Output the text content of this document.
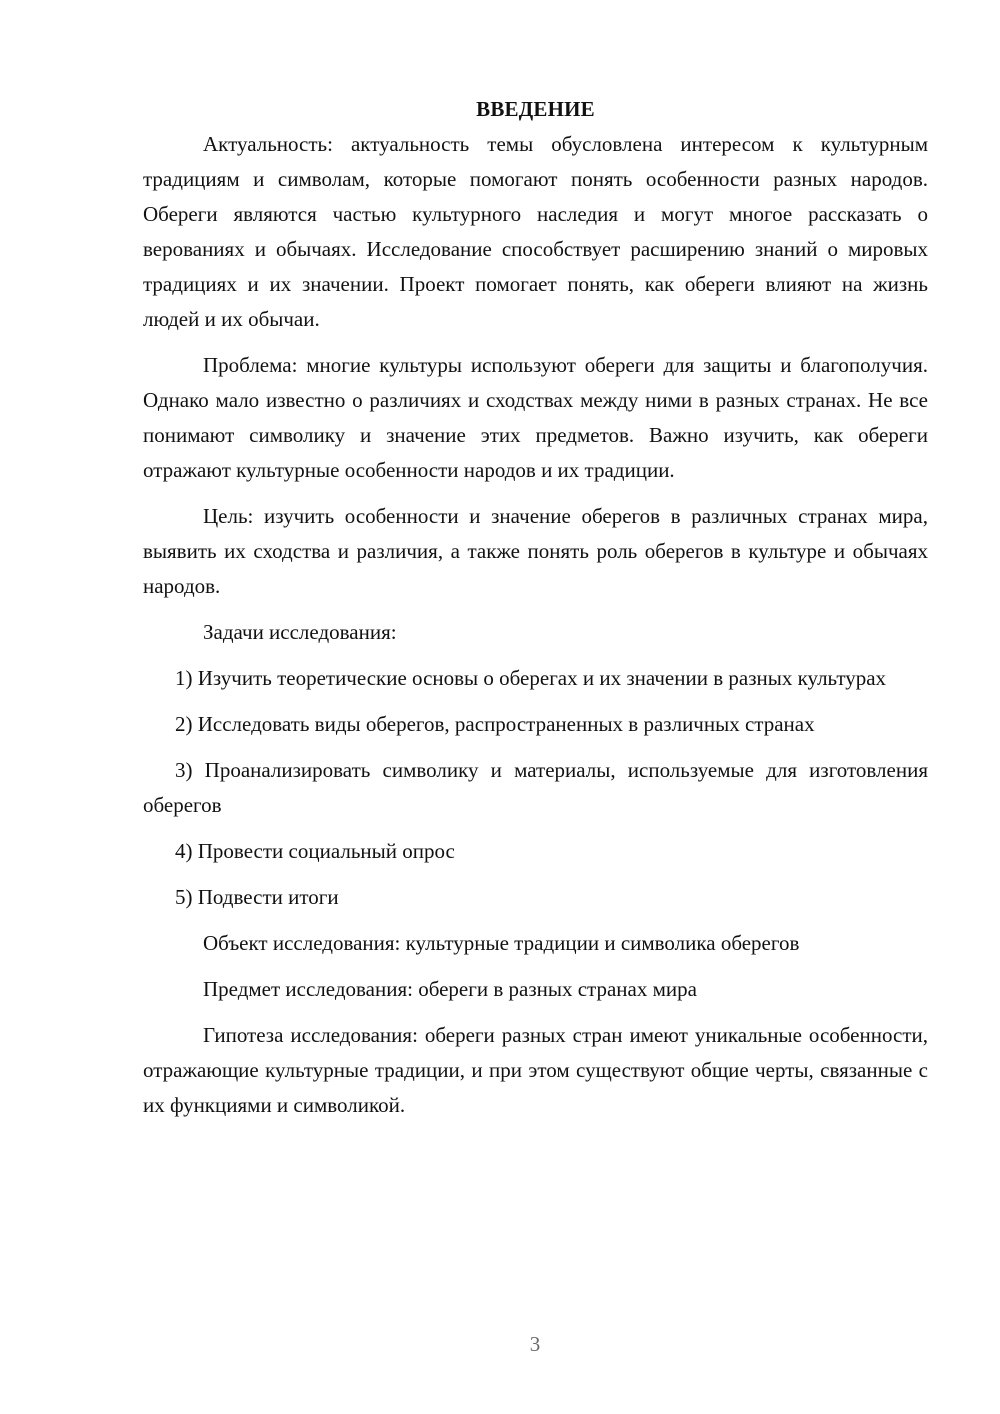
ВВЕДЕНИЕ

Актуальность: актуальность темы обусловлена интересом к культурным традициям и символам, которые помогают понять особенности разных народов. Обереги являются частью культурного наследия и могут многое рассказать о верованиях и обычаях. Исследование способствует расширению знаний о мировых традициях и их значении. Проект помогает понять, как обереги влияют на жизнь людей и их обычаи.

Проблема: многие культуры используют обереги для защиты и благополучия. Однако мало известно о различиях и сходствах между ними в разных странах. Не все понимают символику и значение этих предметов. Важно изучить, как обереги отражают культурные особенности народов и их традиции.

Цель: изучить особенности и значение оберегов в различных странах мира, выявить их сходства и различия, а также понять роль оберегов в культуре и обычаях народов.

Задачи исследования:

1) Изучить теоретические основы о оберегах и их значении в разных культурах

2) Исследовать виды оберегов, распространенных в различных странах

3) Проанализировать символику и материалы, используемые для изготовления оберегов

4) Провести социальный опрос

5) Подвести итоги

Объект исследования: культурные традиции и символика оберегов

Предмет исследования: обереги в разных странах мира

Гипотеза исследования: обереги разных стран имеют уникальные особенности, отражающие культурные традиции, и при этом существуют общие черты, связанные с их функциями и символикой.

3
